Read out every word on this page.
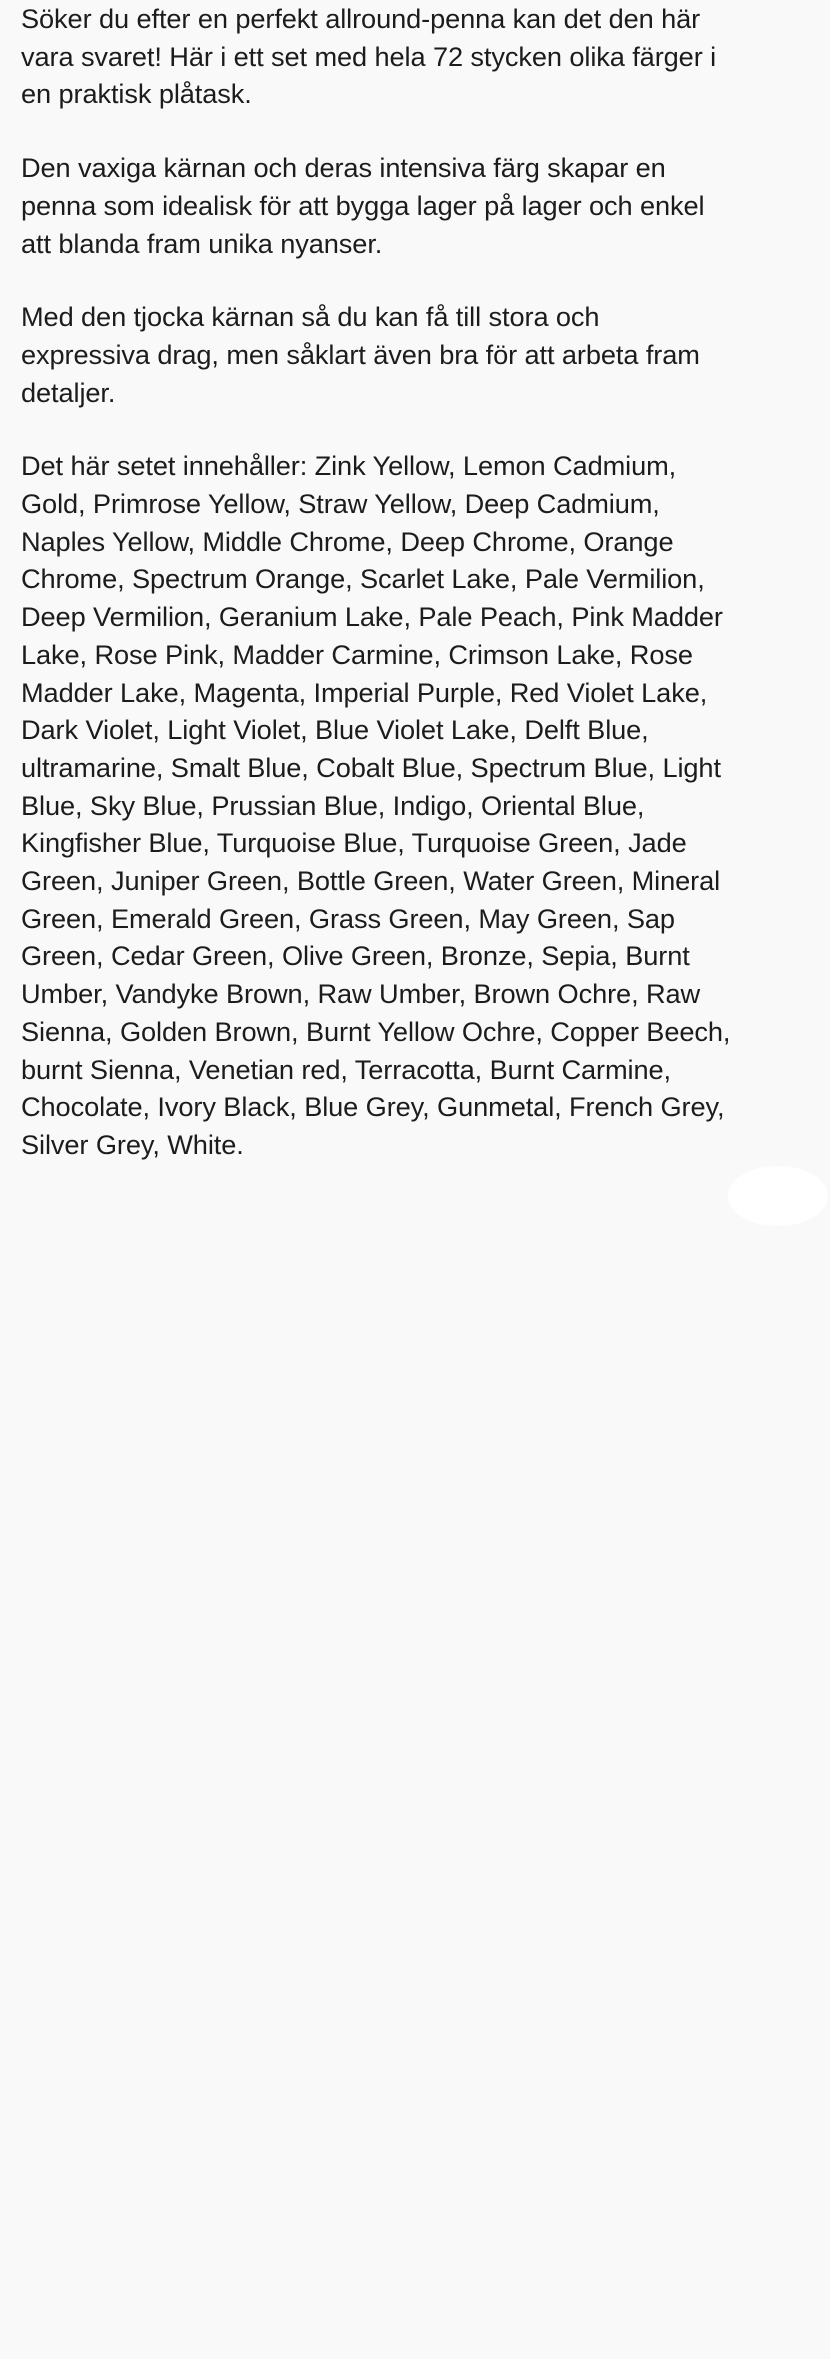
Söker du efter en perfekt allround-penna kan det den här
vara svaret! Här i ett set med hela 72 stycken olika färger i
en praktisk plåtask.

Den vaxiga kärnan och deras intensiva färg skapar en
penna som idealisk för att bygga lager på lager och enkel
att blanda fram unika nyanser.

Med den tjocka kärnan så du kan få till stora och
expressiva drag, men såklart även bra för att arbeta fram
detaljer.

Det här setet innehåller: Zink Yellow, Lemon Cadmium,
Gold, Primrose Yellow, Straw Yellow, Deep Cadmium,
Naples Yellow, Middle Chrome, Deep Chrome, Orange
Chrome, Spectrum Orange, Scarlet Lake, Pale Vermilion,
Deep Vermilion, Geranium Lake, Pale Peach, Pink Madder
Lake, Rose Pink, Madder Carmine, Crimson Lake, Rose
Madder Lake, Magenta, Imperial Purple, Red Violet Lake,
Dark Violet, Light Violet, Blue Violet Lake, Delft Blue,
ultramarine, Smalt Blue, Cobalt Blue, Spectrum Blue, Light
Blue, Sky Blue, Prussian Blue, Indigo, Oriental Blue,
Kingfisher Blue, Turquoise Blue, Turquoise Green, Jade
Green, Juniper Green, Bottle Green, Water Green, Mineral
Green, Emerald Green, Grass Green, May Green, Sap
Green, Cedar Green, Olive Green, Bronze, Sepia, Burnt
Umber, Vandyke Brown, Raw Umber, Brown Ochre, Raw
Sienna, Golden Brown, Burnt Yellow Ochre, Copper Beech,
burnt Sienna, Venetian red, Terracotta, Burnt Carmine,
Chocolate, Ivory Black, Blue Grey, Gunmetal, French Grey,
Silver Grey, White.
